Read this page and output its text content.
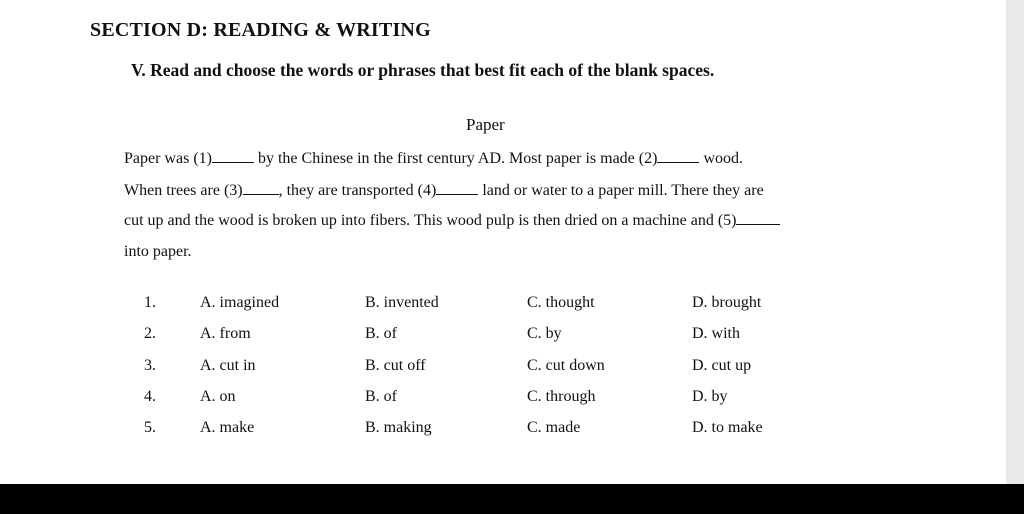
SECTION D: READING & WRITING
V. Read and choose the words or phrases that best fit each of the blank spaces.
Paper
Paper was (1)	by the Chinese in the first century AD. Most paper is made (2)	wood.
When trees are (3) , they are transported (4)	land or water to a paper mill. There they are
cut up and the wood is broken up into fibers. This wood pulp is then dried on a machine and (5)
into paper.
1.	A. imagined	B. invented	C. thought	D. brought
2.	A. from	B. of	C. by	D. with
3.	A. cut in	B. cut off	C. cut down	D. cut up
4.	A. on	B. of	C. through	D. by
5.	A. make	B. making	C. made	D. to make
